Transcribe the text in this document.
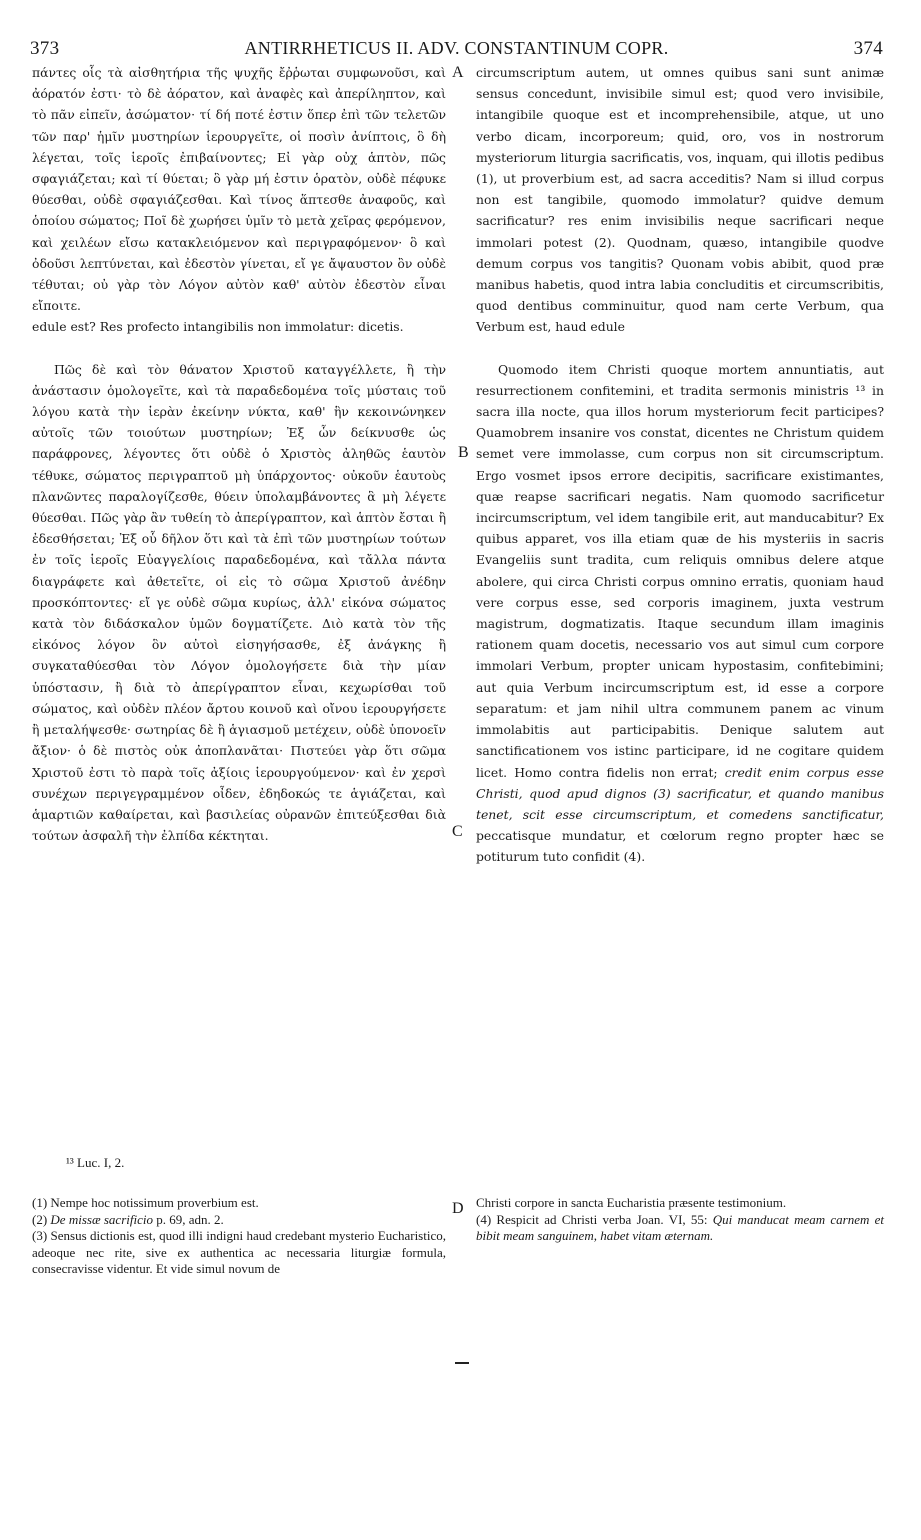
373	ANTIRRHETICUS II. ADV. CONSTANTINUM COPR.	374
A
B
C
D

πάντες οἷς τὰ αἰσθητήρια τῆς ψυχῆς ἔῤῥωται συμφωνοῦσι, καὶ ἀόρατόν ἐστι· τὸ δὲ ἀόρατον, καὶ ἀναφὲς καὶ ἀπερίληπτον, καὶ τὸ πᾶν εἰπεῖν, ἀσώματον· τί δή ποτέ ἐστιν ὅπερ ἐπὶ τῶν τελετῶν τῶν παρ' ἡμῖν μυστηρίων ἱερουργεῖτε, οἱ ποσὶν ἀνίπτοις, ὃ δὴ λέγεται, τοῖς ἱεροῖς ἐπιβαίνοντες; Εἰ γὰρ οὐχ ἁπτὸν, πῶς σφαγιάζεται; καὶ τί θύεται; ὃ γὰρ μή ἐστιν ὁρατὸν, οὐδὲ πέφυκε θύεσθαι, οὐδὲ σφαγιάζεσθαι. Καὶ τίνος ἅπτεσθε ἀναφοῦς, καὶ ὁποίου σώματος; Ποῖ δὲ χωρήσει ὑμῖν τὸ μετὰ χεῖρας φερόμενον, καὶ χειλέων εἴσω κατακλειόμενον καὶ περιγραφόμενον· ὃ καὶ ὀδοῦσι λεπτύνεται, καὶ ἐδεστὸν γίνεται, εἴ γε ἄψαυστον ὂν οὐδὲ τέθυται; οὐ γὰρ τὸν Λόγον αὐτὸν καθ' αὐτὸν ἐδεστὸν εἶναι εἴποιτε.

edule est? Res profecto intangibilis non immolatur: dicetis.

Πῶς δὲ καὶ τὸν θάνατον Χριστοῦ καταγγέλλετε, ἢ τὴν ἀνάστασιν ὁμολογεῖτε, καὶ τὰ παραδεδομένα τοῖς μύσταις τοῦ λόγου κατὰ τὴν ἱερὰν ἐκείνην νύκτα, καθ' ἣν κεκοινώνηκεν αὐτοῖς τῶν τοιούτων μυστηρίων; Ἐξ ὧν δείκνυσθε ὡς παράφρονες, λέγοντες ὅτι οὐδὲ ὁ Χριστὸς ἀληθῶς ἑαυτὸν τέθυκε, σώματος περιγραπτοῦ μὴ ὑπάρχοντος· οὐκοῦν ἑαυτοὺς πλανῶντες παραλογίζεσθε, θύειν ὑπολαμβάνοντες ἃ μὴ λέγετε θύεσθαι. Πῶς γὰρ ἂν τυθείη τὸ ἀπερίγραπτον, καὶ ἁπτὸν ἔσται ἢ ἐδεσθήσεται; Ἐξ οὗ δῆλον ὅτι καὶ τὰ ἐπὶ τῶν μυστηρίων τούτων ἐν τοῖς ἱεροῖς Εὐαγγελίοις παραδεδομένα, καὶ τἄλλα πάντα διαγράφετε καὶ ἀθετεῖτε, οἱ εἰς τὸ σῶμα Χριστοῦ ἀνέδην προσκόπτοντες· εἴ γε οὐδὲ σῶμα κυρίως, ἀλλ' εἰκόνα σώματος κατὰ τὸν διδάσκαλον ὑμῶν δογματίζετε. Διὸ κατὰ τὸν τῆς εἰκόνος λόγον ὃν αὐτοὶ εἰσηγήσασθε, ἐξ ἀνάγκης ἢ συγκαταθύεσθαι τὸν Λόγον ὁμολογήσετε διὰ τὴν μίαν ὑπόστασιν, ἢ διὰ τὸ ἀπερίγραπτον εἶναι, κεχωρίσθαι τοῦ σώματος, καὶ οὐδὲν πλέον ἄρτου κοινοῦ καὶ οἴνου ἱερουργήσετε ἢ μεταλήψεσθε· σωτηρίας δὲ ἢ ἁγιασμοῦ μετέχειν, οὐδὲ ὑπονοεῖν ἄξιον· ὁ δὲ πιστὸς οὐκ ἀποπλανᾶται· Πιστεύει γὰρ ὅτι σῶμα Χριστοῦ ἐστι τὸ παρὰ τοῖς ἀξίοις ἱερουργούμενον· καὶ ἐν χερσὶ συνέχων περιγεγραμμένον οἶδεν, ἐδηδοκώς τε ἁγιάζεται, καὶ ἁμαρτιῶν καθαίρεται, καὶ βασιλείας οὐρανῶν ἐπιτεύξεσθαι διὰ τούτων ἀσφαλῆ τὴν ἐλπίδα κέκτηται.

circumscriptum autem, ut omnes quibus sani sunt animæ sensus concedunt, invisibile simul est; quod vero invisibile, intangibile quoque est et incomprehensibile, atque, ut uno verbo dicam, incorporeum; quid, oro, vos in nostrorum mysteriorum liturgia sacrificatis, vos, inquam, qui illotis pedibus (1), ut proverbium est, ad sacra acceditis? Nam si illud corpus non est tangibile, quomodo immolatur? quidve demum sacrificatur? res enim invisibilis neque sacrificari neque immolari potest (2). Quodnam, quæso, intangibile quodve demum corpus vos tangitis? Quonam vobis abibit, quod præ manibus habetis, quod intra labia concluditis et circumscribitis, quod dentibus comminuitur, quod nam certe Verbum, qua Verbum est, haud edule

Quomodo item Christi quoque mortem annuntiatis, aut resurrectionem confitemini, et tradita sermonis ministris ¹³ in sacra illa nocte, qua illos horum mysteriorum fecit participes? Quamobrem insanire vos constat, dicentes ne Christum quidem semet vere immolasse, cum corpus non sit circumscriptum. Ergo vosmet ipsos errore decipitis, sacrificare existimantes, quæ reapse sacrificari negatis. Nam quomodo sacrificetur incircumscriptum, vel idem tangibile erit, aut manducabitur? Ex quibus apparet, vos illa etiam quæ de his mysteriis in sacris Evangeliis sunt tradita, cum reliquis omnibus delere atque abolere, qui circa Christi corpus omnino erratis, quoniam haud vere corpus esse, sed corporis imaginem, juxta vestrum magistrum, dogmatizatis. Itaque secundum illam imaginis rationem quam docetis, necessario vos aut simul cum corpore immolari Verbum, propter unicam hypostasim, confitebimini; aut quia Verbum incircumscriptum est, id esse a corpore separatum: et jam nihil ultra communem panem ac vinum immolabitis aut participabitis. Denique salutem aut sanctificationem vos istinc participare, id ne cogitare quidem licet. Homo contra fidelis non errat; credit enim corpus esse Christi, quod apud dignos (3) sacrificatur, et quando manibus tenet, scit esse circumscriptum, et comedens sanctificatur, peccatisque mundatur, et cœlorum regno propter hæc se potiturum tuto confidit (4).

¹³ Luc. I, 2.
(1) Nempe hoc notissimum proverbium est.
(2) De missæ sacrificio p. 69, adn. 2.
(3) Sensus dictionis est, quod illi indigni haud credebant mysterio Eucharistico, adeoque nec rite, sive ex authentica ac necessaria liturgiæ formula, consecravisse videntur. Et vide simul novum de
Christi corpore in sancta Eucharistia præsente testimonium.
(4) Respicit ad Christi verba Joan. VI, 55: Qui manducat meam carnem et bibit meam sanguinem, habet vitam æternam.
